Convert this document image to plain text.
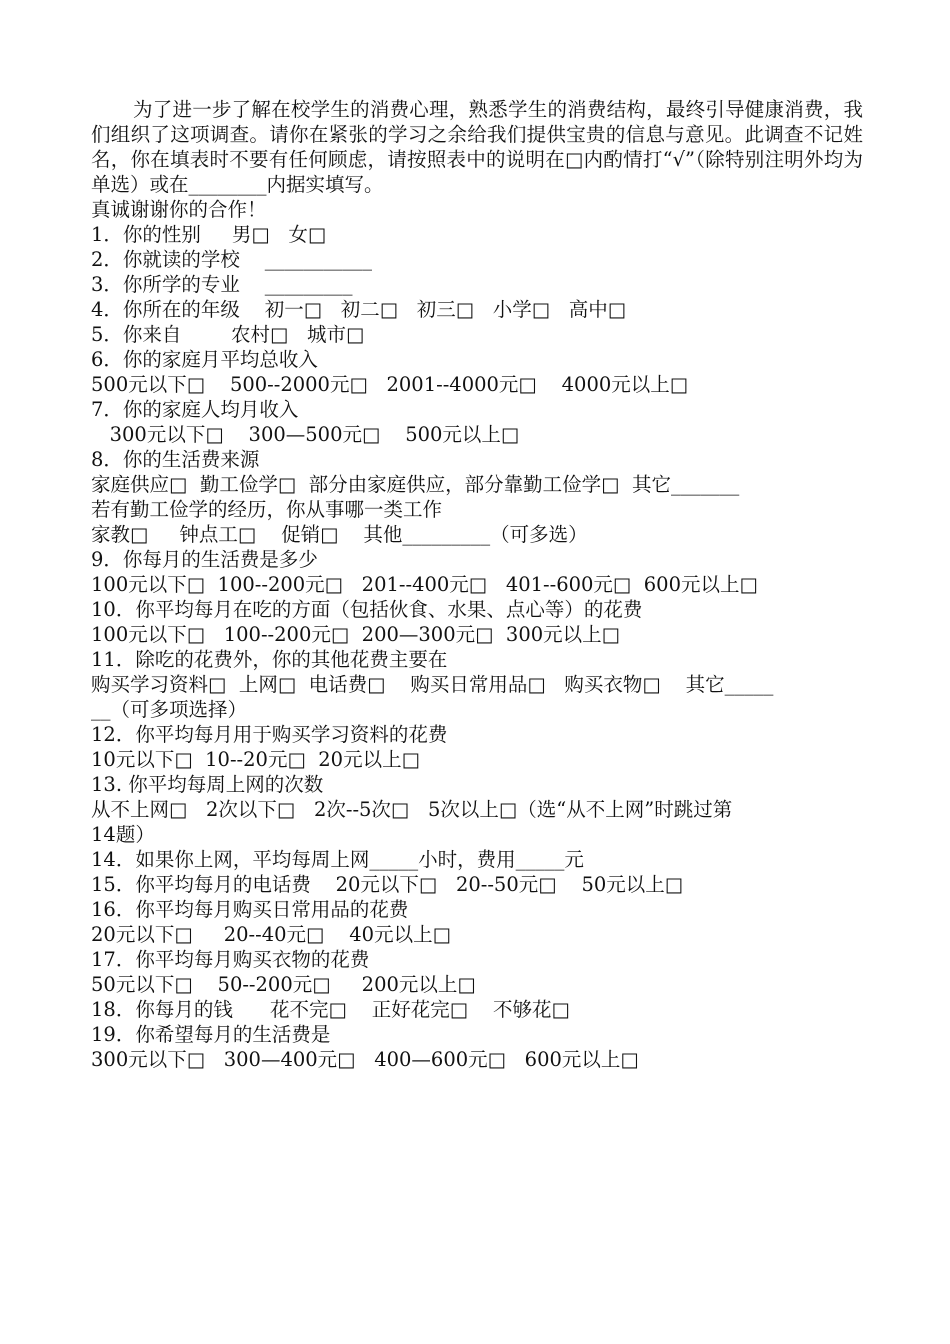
为了进一步了解在校学生的消费心理，熟悉学生的消费结构，最终引导健康消费，我们组织了这项调查。请你在紧张的学习之余给我们提供宝贵的信息与意见。此调查不记姓名，你在填表时不要有任何顾虑，请按照表中的说明在□内酌情打“√”（除特别注明外均为单选）或在________内据实填写。

真诚谢谢你的合作！
1．你的性别     男□   女□
2．你就读的学校    ___________
3．你所学的专业    _________
4．你所在的年级    初一□   初二□   初三□   小学□   高中□
5．你来自        农村□   城市□
6．你的家庭月平均总收入
500元以下□    500--2000元□   2001--4000元□    4000元以上□
7．你的家庭人均月收入
300元以下□    300—500元□    500元以上□
8．你的生活费来源
家庭供应□  勤工俭学□  部分由家庭供应，部分靠勤工俭学□  其它_______
若有勤工俭学的经历，你从事哪一类工作
家教□     钟点工□    促销□    其他_________（可多选）
9．你每月的生活费是多少
100元以下□  100--200元□   201--400元□   401--600元□  600元以上□
10．你平均每月在吃的方面（包括伙食、水果、点心等）的花费
100元以下□   100--200元□  200—300元□  300元以上□
11．除吃的花费外，你的其他花费主要在
购买学习资料□  上网□  电话费□    购买日常用品□   购买衣物□    其它_____
__（可多项选择）
12．你平均每月用于购买学习资料的花费
10元以下□  10--20元□  20元以上□
13. 你平均每周上网的次数
从不上网□   2次以下□   2次--5次□   5次以上□（选“从不上网”时跳过第
14题）
14．如果你上网，平均每周上网_____小时，费用_____元
15．你平均每月的电话费    20元以下□   20--50元□    50元以上□
16．你平均每月购买日常用品的花费
20元以下□     20--40元□    40元以上□
17．你平均每月购买衣物的花费
50元以下□    50--200元□     200元以上□
18．你每月的钱      花不完□    正好花完□    不够花□
19．你希望每月的生活费是
300元以下□   300—400元□   400—600元□   600元以上□
